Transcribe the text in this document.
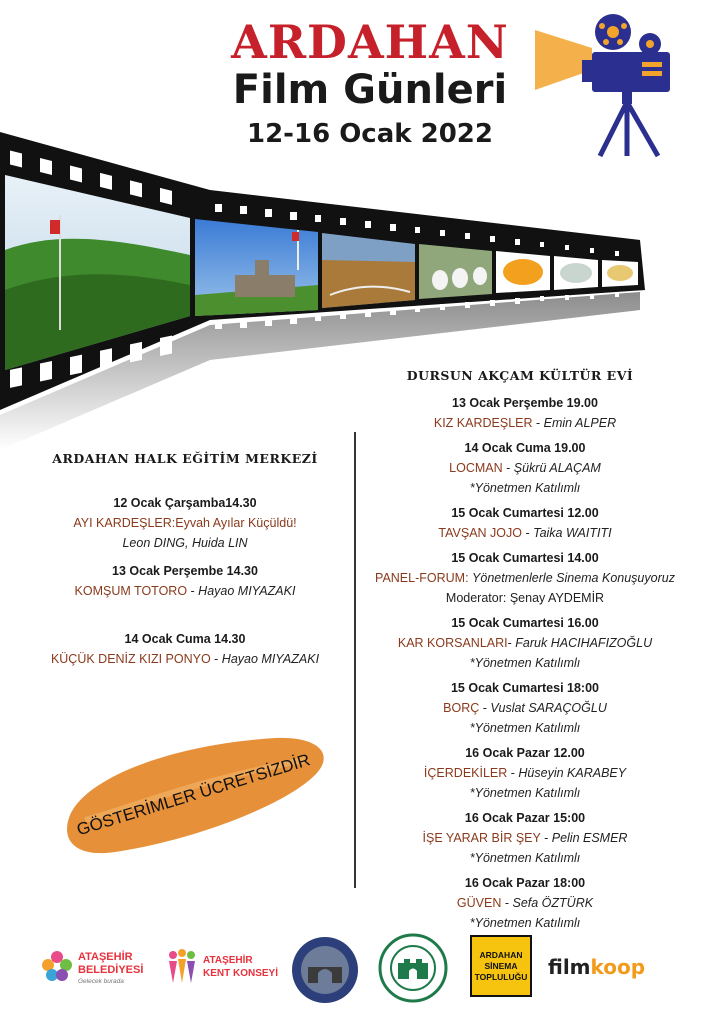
ARDAHAN
Film Günleri
12-16 Ocak 2022
DURSUN AKÇAM KÜLTÜR EVİ
ARDAHAN HALK EĞİTİM MERKEZİ
12 Ocak Çarşamba14.30
AYI KARDEŞLER:Eyvah Ayılar Küçüldü!
Leon DING, Huida LIN
13 Ocak Perşembe 14.30
KOMŞUM TOTORO - Hayao MIYAZAKI
14 Ocak Cuma 14.30
KÜÇÜK DENİZ KIZI PONYO - Hayao MIYAZAKI
13 Ocak Perşembe 19.00
KIZ KARDEŞLER - Emin ALPER
14 Ocak Cuma 19.00
LOCMAN - Şükrü ALAÇAM
*Yönetmen Katılımlı
15 Ocak Cumartesi 12.00
TAVŞAN JOJO - Taika WAITITI
15 Ocak Cumartesi 14.00
PANEL-FORUM: Yönetmenlerle Sinema Konuşuyoruz
Moderator: Şenay AYDEMİR
15 Ocak Cumartesi 16.00
KAR KORSANLARI- Faruk HACIHAFIZOĞLU
*Yönetmen Katılımlı
15 Ocak Cumartesi 18:00
BORÇ - Vuslat SARAÇOĞLU
*Yönetmen Katılımlı
16 Ocak Pazar 12.00
İÇERDEKİLER - Hüseyin KARABEY
*Yönetmen Katılımlı
16 Ocak Pazar 15:00
İŞE YARAR BİR ŞEY - Pelin ESMER
*Yönetmen Katılımlı
16 Ocak Pazar 18:00
GÜVEN - Sefa ÖZTÜRK
*Yönetmen Katılımlı
GÖSTERİMLER ÜCRETSİZDİR
ATAŞEHİR
BELEDİYESİ
Gelecek burada
ATAŞEHİR
KENT KONSEYİ
ARDAHAN
SİNEMA
TOPLULUĞU filmkoop
